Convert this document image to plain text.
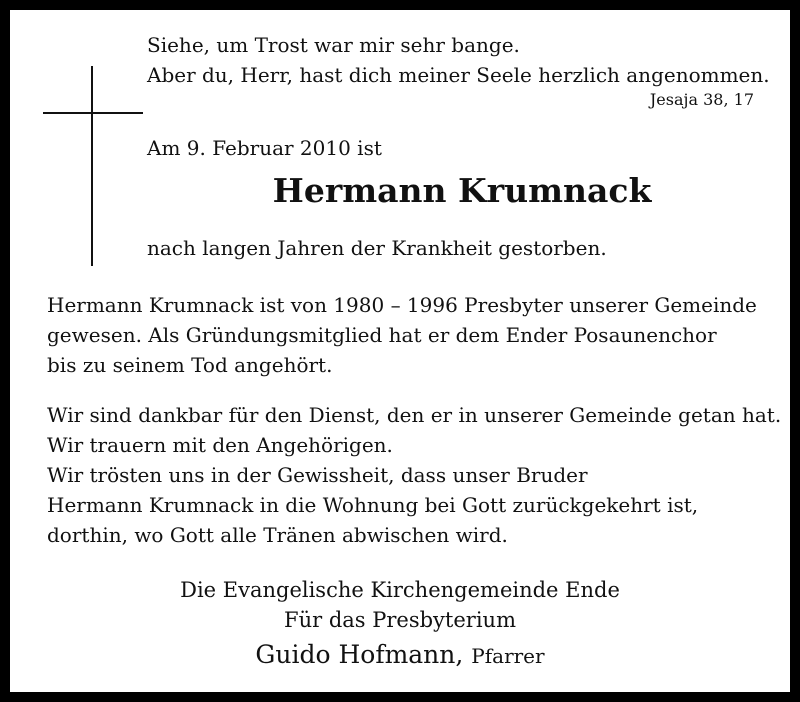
Siehe, um Trost war mir sehr bange.
Aber du, Herr, hast dich meiner Seele herzlich angenommen.
Jesaja 38, 17
Am 9. Februar 2010 ist
Hermann Krumnack
nach langen Jahren der Krankheit gestorben.
Hermann Krumnack ist von 1980 – 1996 Presbyter unserer Gemeinde
gewesen. Als Gründungsmitglied hat er dem Ender Posaunenchor
bis zu seinem Tod angehört.
Wir sind dankbar für den Dienst, den er in unserer Gemeinde getan hat.
Wir trauern mit den Angehörigen.
Wir trösten uns in der Gewissheit, dass unser Bruder
Hermann Krumnack in die Wohnung bei Gott zurückgekehrt ist,
dorthin, wo Gott alle Tränen abwischen wird.
Die Evangelische Kirchengemeinde Ende
Für das Presbyterium
Guido Hofmann, Pfarrer
